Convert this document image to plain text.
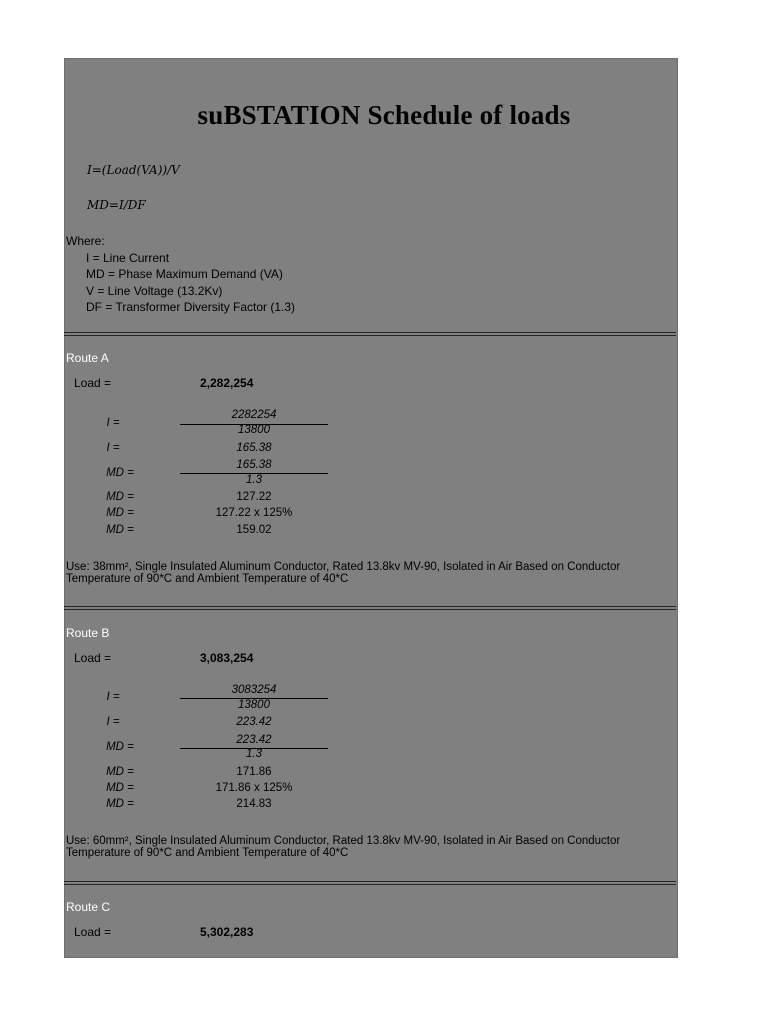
suBSTATION Schedule of loads
I=(Load(VA))/V
MD=I/DF
Where:
I = Line Current
MD = Phase Maximum Demand (VA)
V = Line Voltage (13.2Kv)
DF = Transformer Diversity Factor (1.3)
Route A
Load =	2,282,254
I =
2282254
13800
I =	165.38
MD =
165.38
1.3
MD =	127.22
MD =	127.22 x 125%
MD =	159.02
Use: 38mm², Single Insulated Aluminum Conductor, Rated 13.8kv MV-90, Isolated in Air Based on Conductor Temperature of 90*C and Ambient Temperature of 40*C
Route B
Load =	3,083,254
I =
3083254
13800
I =	223.42
MD =
223.42
1.3
MD =	171.86
MD =	171.86 x 125%
MD =	214.83
Use: 60mm², Single Insulated Aluminum Conductor, Rated 13.8kv MV-90, Isolated in Air Based on Conductor Temperature of 90*C and Ambient Temperature of 40*C
Route C
Load =	5,302,283
